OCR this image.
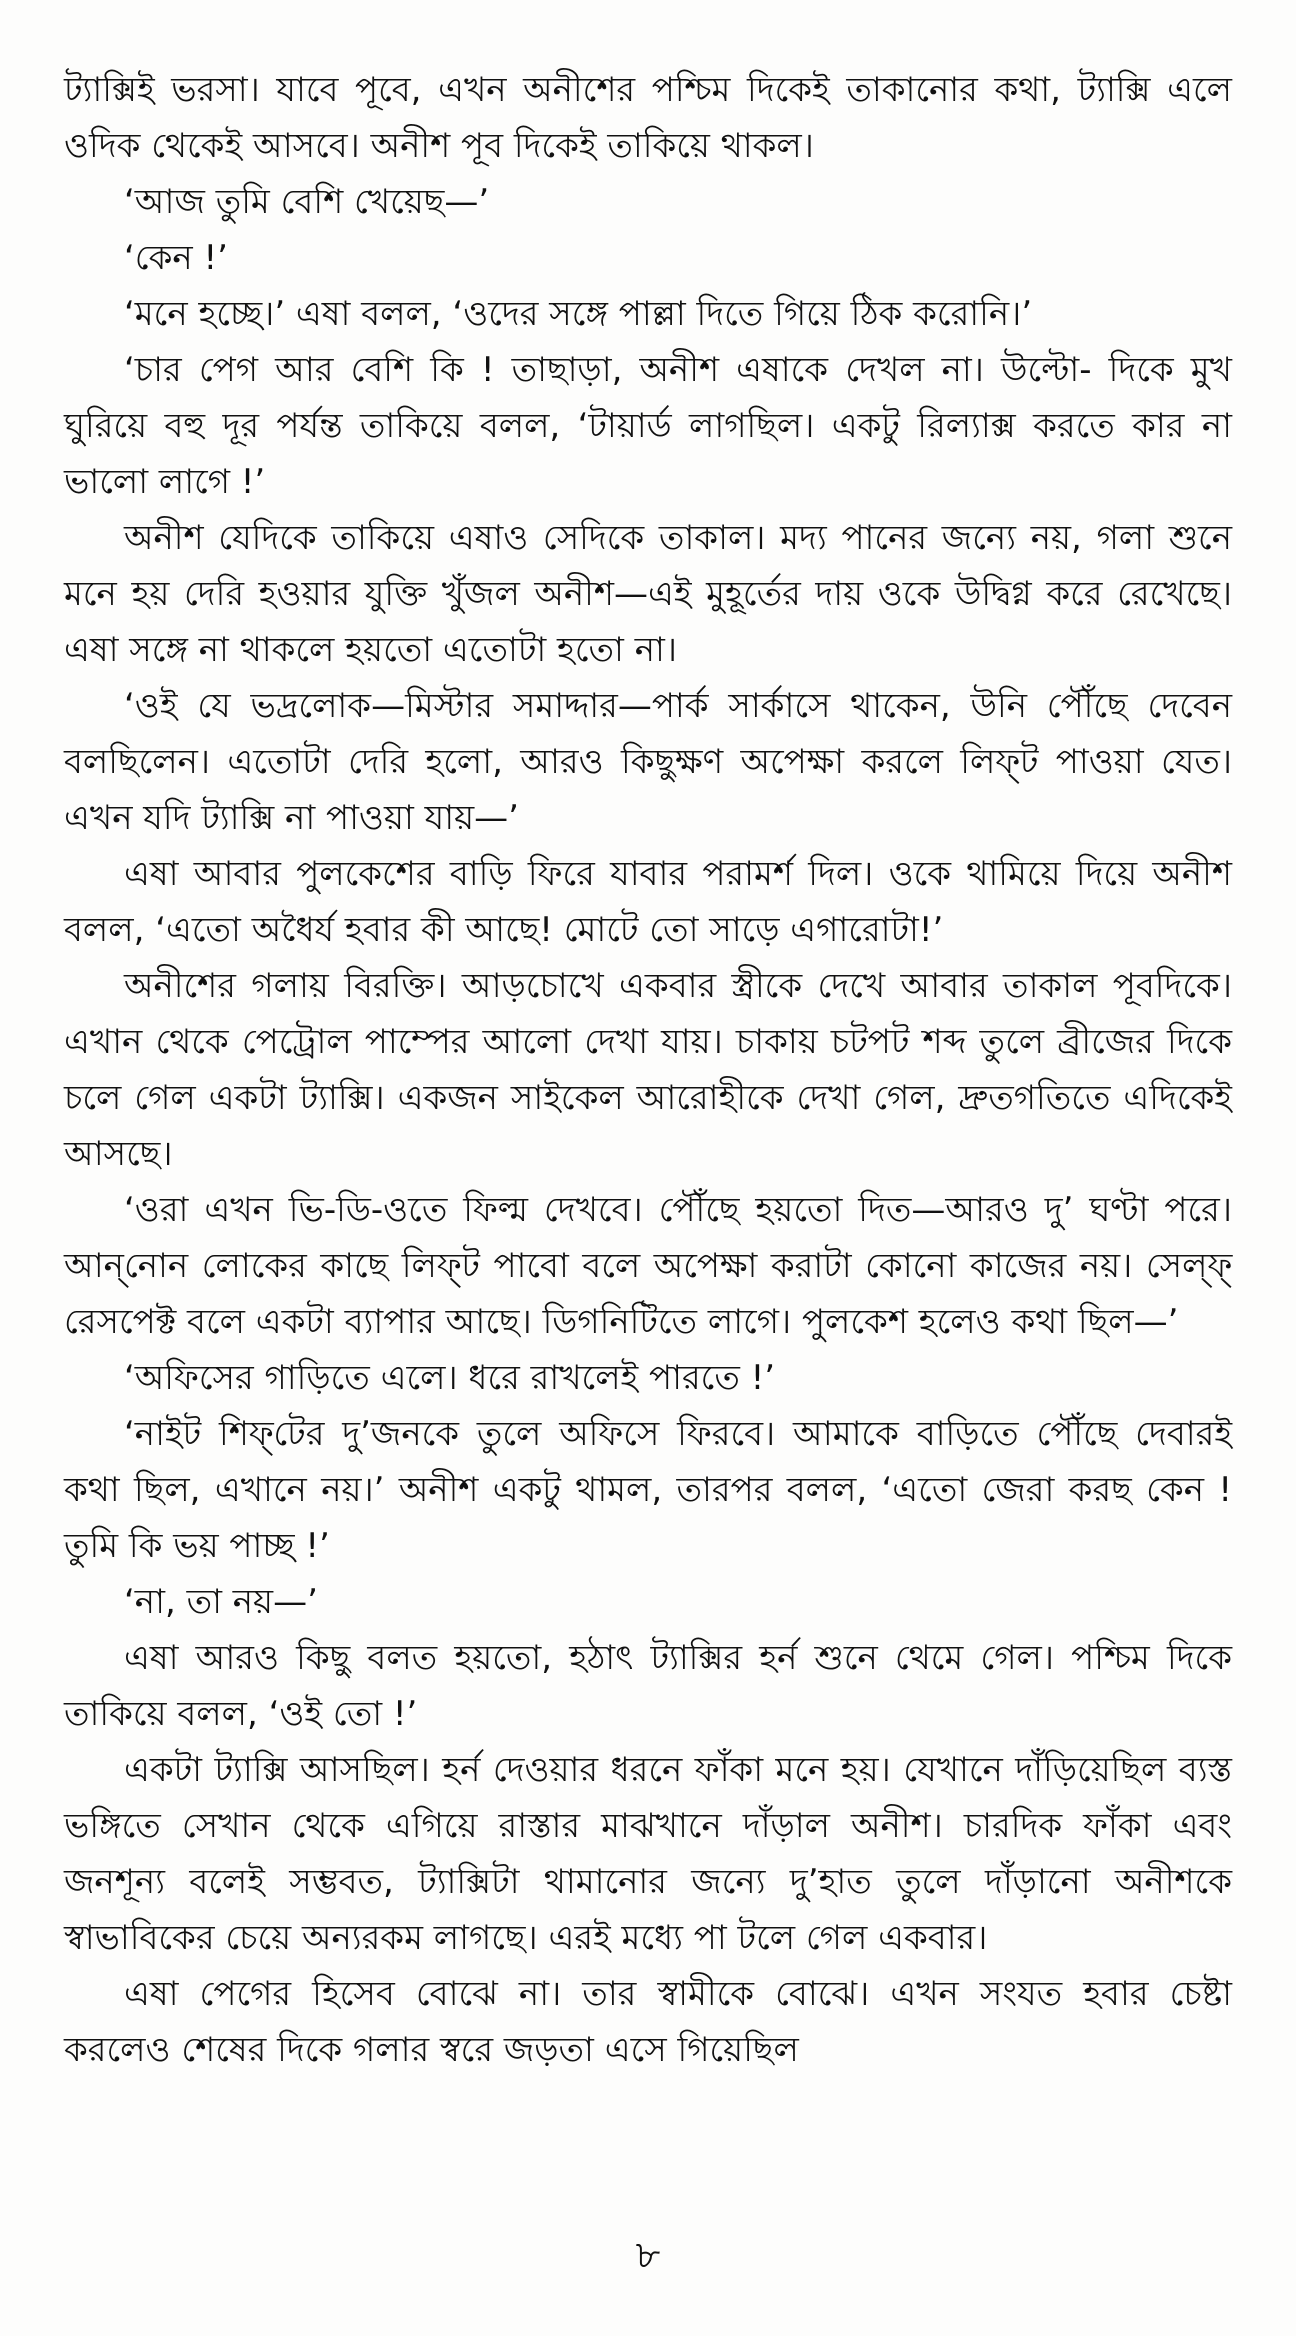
ট্যাক্সিই ভরসা। যাবে পূবে, এখন অনীশের পশ্চিম দিকেই তাকানোর কথা, ট্যাক্সি এলে ওদিক থেকেই আসবে। অনীশ পূব দিকেই তাকিয়ে থাকল।

‘আজ তুমি বেশি খেয়েছ—’

‘কেন !’

‘মনে হচ্ছে।’ এষা বলল, ‘ওদের সঙ্গে পাল্লা দিতে গিয়ে ঠিক করোনি।’

‘চার পেগ আর বেশি কি ! তাছাড়া, অনীশ এষাকে দেখল না। উল্টো- দিকে মুখ ঘুরিয়ে বহু দূর পর্যন্ত তাকিয়ে বলল, ‘টায়ার্ড লাগছিল। একটু রিল্যাক্স করতে কার না ভালো লাগে !’

অনীশ যেদিকে তাকিয়ে এষাও সেদিকে তাকাল। মদ্য পানের জন্যে নয়, গলা শুনে মনে হয় দেরি হওয়ার যুক্তি খুঁজল অনীশ—এই মুহূর্তের দায় ওকে উদ্বিগ্ন করে রেখেছে। এষা সঙ্গে না থাকলে হয়তো এতোটা হতো না।

‘ওই যে ভদ্রলোক—মিস্টার সমাদ্দার—পার্ক সার্কাসে থাকেন, উনি পৌঁছে দেবেন বলছিলেন। এতোটা দেরি হলো, আরও কিছুক্ষণ অপেক্ষা করলে লিফ্‌ট পাওয়া যেত। এখন যদি ট্যাক্সি না পাওয়া যায়—’

এষা আবার পুলকেশের বাড়ি ফিরে যাবার পরামর্শ দিল। ওকে থামিয়ে দিয়ে অনীশ বলল, ‘এতো অধৈর্য হবার কী আছে! মোটে তো সাড়ে এগারোটা!’

অনীশের গলায় বিরক্তি। আড়চোখে একবার স্ত্রীকে দেখে আবার তাকাল পূবদিকে। এখান থেকে পেট্রোল পাম্পের আলো দেখা যায়। চাকায় চটপট শব্দ তুলে ব্রীজের দিকে চলে গেল একটা ট্যাক্সি। একজন সাইকেল আরোহীকে দেখা গেল, দ্রুতগতিতে এদিকেই আসছে।

‘ওরা এখন ভি-ডি-ওতে ফিল্ম দেখবে। পৌঁছে হয়তো দিত—আরও দু’ ঘণ্টা পরে। আন্‌নোন লোকের কাছে লিফ্‌ট পাবো বলে অপেক্ষা করাটা কোনো কাজের নয়। সেল্‌ফ্‌ রেসপেক্ট বলে একটা ব্যাপার আছে। ডিগনিটিতে লাগে। পুলকেশ হলেও কথা ছিল—’

‘অফিসের গাড়িতে এলে। ধরে রাখলেই পারতে !’

‘নাইট শিফ্‌টের দু’জনকে তুলে অফিসে ফিরবে। আমাকে বাড়িতে পৌঁছে দেবারই কথা ছিল, এখানে নয়।’ অনীশ একটু থামল, তারপর বলল, ‘এতো জেরা করছ কেন ! তুমি কি ভয় পাচ্ছ !’

‘না, তা নয়—’

এষা আরও কিছু বলত হয়তো, হঠাৎ ট্যাক্সির হর্ন শুনে থেমে গেল। পশ্চিম দিকে তাকিয়ে বলল, ‘ওই তো !’

একটা ট্যাক্সি আসছিল। হর্ন দেওয়ার ধরনে ফাঁকা মনে হয়। যেখানে দাঁড়িয়েছিল ব্যস্ত ভঙ্গিতে সেখান থেকে এগিয়ে রাস্তার মাঝখানে দাঁড়াল অনীশ। চারদিক ফাঁকা এবং জনশূন্য বলেই সম্ভবত, ট্যাক্সিটা থামানোর জন্যে দু’হাত তুলে দাঁড়ানো অনীশকে স্বাভাবিকের চেয়ে অন্যরকম লাগছে। এরই মধ্যে পা টলে গেল একবার।

এষা পেগের হিসেব বোঝে না। তার স্বামীকে বোঝে। এখন সংযত হবার চেষ্টা করলেও শেষের দিকে গলার স্বরে জড়তা এসে গিয়েছিল

৮
